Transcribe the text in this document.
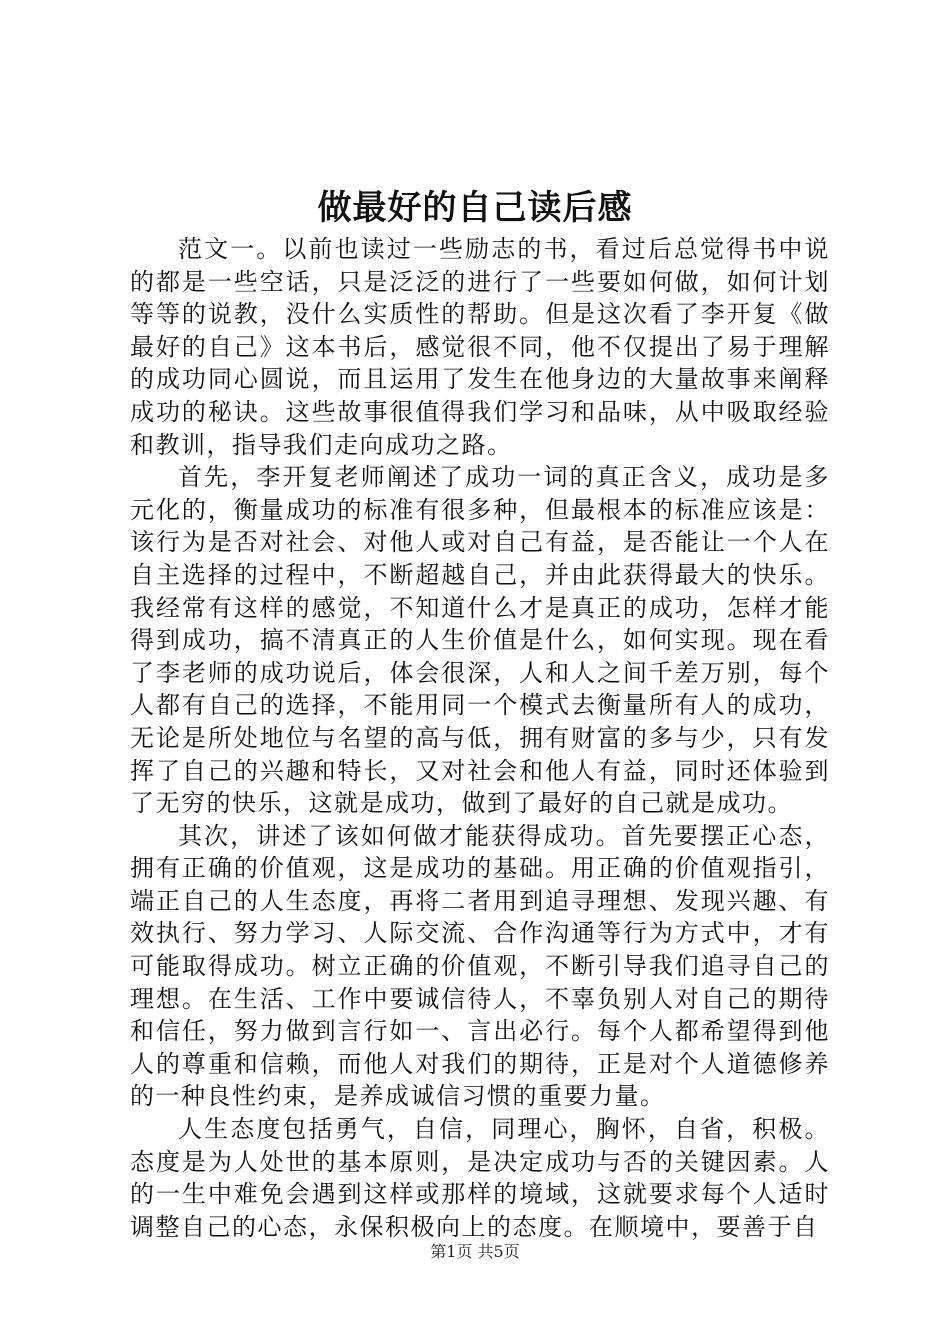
做最好的自己读后感

范文一。以前也读过一些励志的书，看过后总觉得书中说的都是一些空话，只是泛泛的进行了一些要如何做，如何计划等等的说教，没什么实质性的帮助。但是这次看了李开复《做最好的自己》这本书后，感觉很不同，他不仅提出了易于理解的成功同心圆说，而且运用了发生在他身边的大量故事来阐释成功的秘诀。这些故事很值得我们学习和品味，从中吸取经验和教训，指导我们走向成功之路。

首先，李开复老师阐述了成功一词的真正含义，成功是多元化的，衡量成功的标准有很多种，但最根本的标准应该是：该行为是否对社会、对他人或对自己有益，是否能让一个人在自主选择的过程中，不断超越自己，并由此获得最大的快乐。我经常有这样的感觉，不知道什么才是真正的成功，怎样才能得到成功，搞不清真正的人生价值是什么，如何实现。现在看了李老师的成功说后，体会很深，人和人之间千差万别，每个人都有自己的选择，不能用同一个模式去衡量所有人的成功，无论是所处地位与名望的高与低，拥有财富的多与少，只有发挥了自己的兴趣和特长，又对社会和他人有益，同时还体验到了无穷的快乐，这就是成功，做到了最好的自己就是成功。

其次，讲述了该如何做才能获得成功。首先要摆正心态，拥有正确的价值观，这是成功的基础。用正确的价值观指引，端正自己的人生态度，再将二者用到追寻理想、发现兴趣、有效执行、努力学习、人际交流、合作沟通等行为方式中，才有可能取得成功。树立正确的价值观，不断引导我们追寻自己的理想。在生活、工作中要诚信待人，不辜负别人对自己的期待和信任，努力做到言行如一、言出必行。每个人都希望得到他人的尊重和信赖，而他人对我们的期待，正是对个人道德修养的一种良性约束，是养成诚信习惯的重要力量。

人生态度包括勇气，自信，同理心，胸怀，自省，积极。态度是为人处世的基本原则，是决定成功与否的关键因素。人的一生中难免会遇到这样或那样的境域，这就要求每个人适时调整自己的心态，永保积极向上的态度。在顺境中，要善于自

第1页 共5页
